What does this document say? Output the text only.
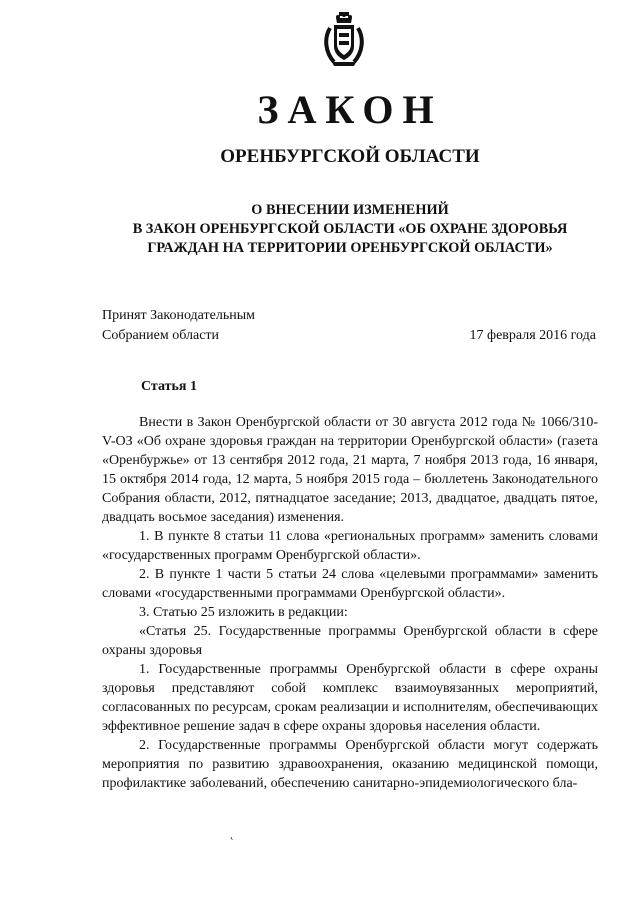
ЗАКОН
ОРЕНБУРГСКОЙ ОБЛАСТИ
О ВНЕСЕНИИ ИЗМЕНЕНИЙ
В ЗАКОН ОРЕНБУРГСКОЙ ОБЛАСТИ «ОБ ОХРАНЕ ЗДОРОВЬЯ
ГРАЖДАН НА ТЕРРИТОРИИ ОРЕНБУРГСКОЙ ОБЛАСТИ»
Принят Законодательным
Собранием области	17 февраля 2016 года
Статья 1

Внести в Закон Оренбургской области от 30 августа 2012 года № 1066/310-V-ОЗ «Об охране здоровья граждан на территории Оренбургской области» (газета «Оренбуржье» от 13 сентября 2012 года, 21 марта, 7 ноября 2013 года, 16 января, 15 октября 2014 года, 12 марта, 5 ноября 2015 года – бюллетень Законодательного Собрания области, 2012, пятнадцатое заседание; 2013, двадцатое, двадцать пятое, двадцать восьмое заседания) изменения.

1. В пункте 8 статьи 11 слова «региональных программ» заменить словами «государственных программ Оренбургской области».

2. В пункте 1 части 5 статьи 24 слова «целевыми программами» заменить словами «государственными программами Оренбургской области».

3. Статью 25 изложить в редакции:

«Статья 25. Государственные программы Оренбургской области в сфере охраны здоровья

1. Государственные программы Оренбургской области в сфере охраны здоровья представляют собой комплекс взаимоувязанных мероприятий, согласованных по ресурсам, срокам реализации и исполнителям, обеспечивающих эффективное решение задач в сфере охраны здоровья населения области.

2. Государственные программы Оренбургской области могут содержать мероприятия по развитию здравоохранения, оказанию медицинской помощи, профилактике заболеваний, обеспечению санитарно-эпидемиологического бла-

˛
